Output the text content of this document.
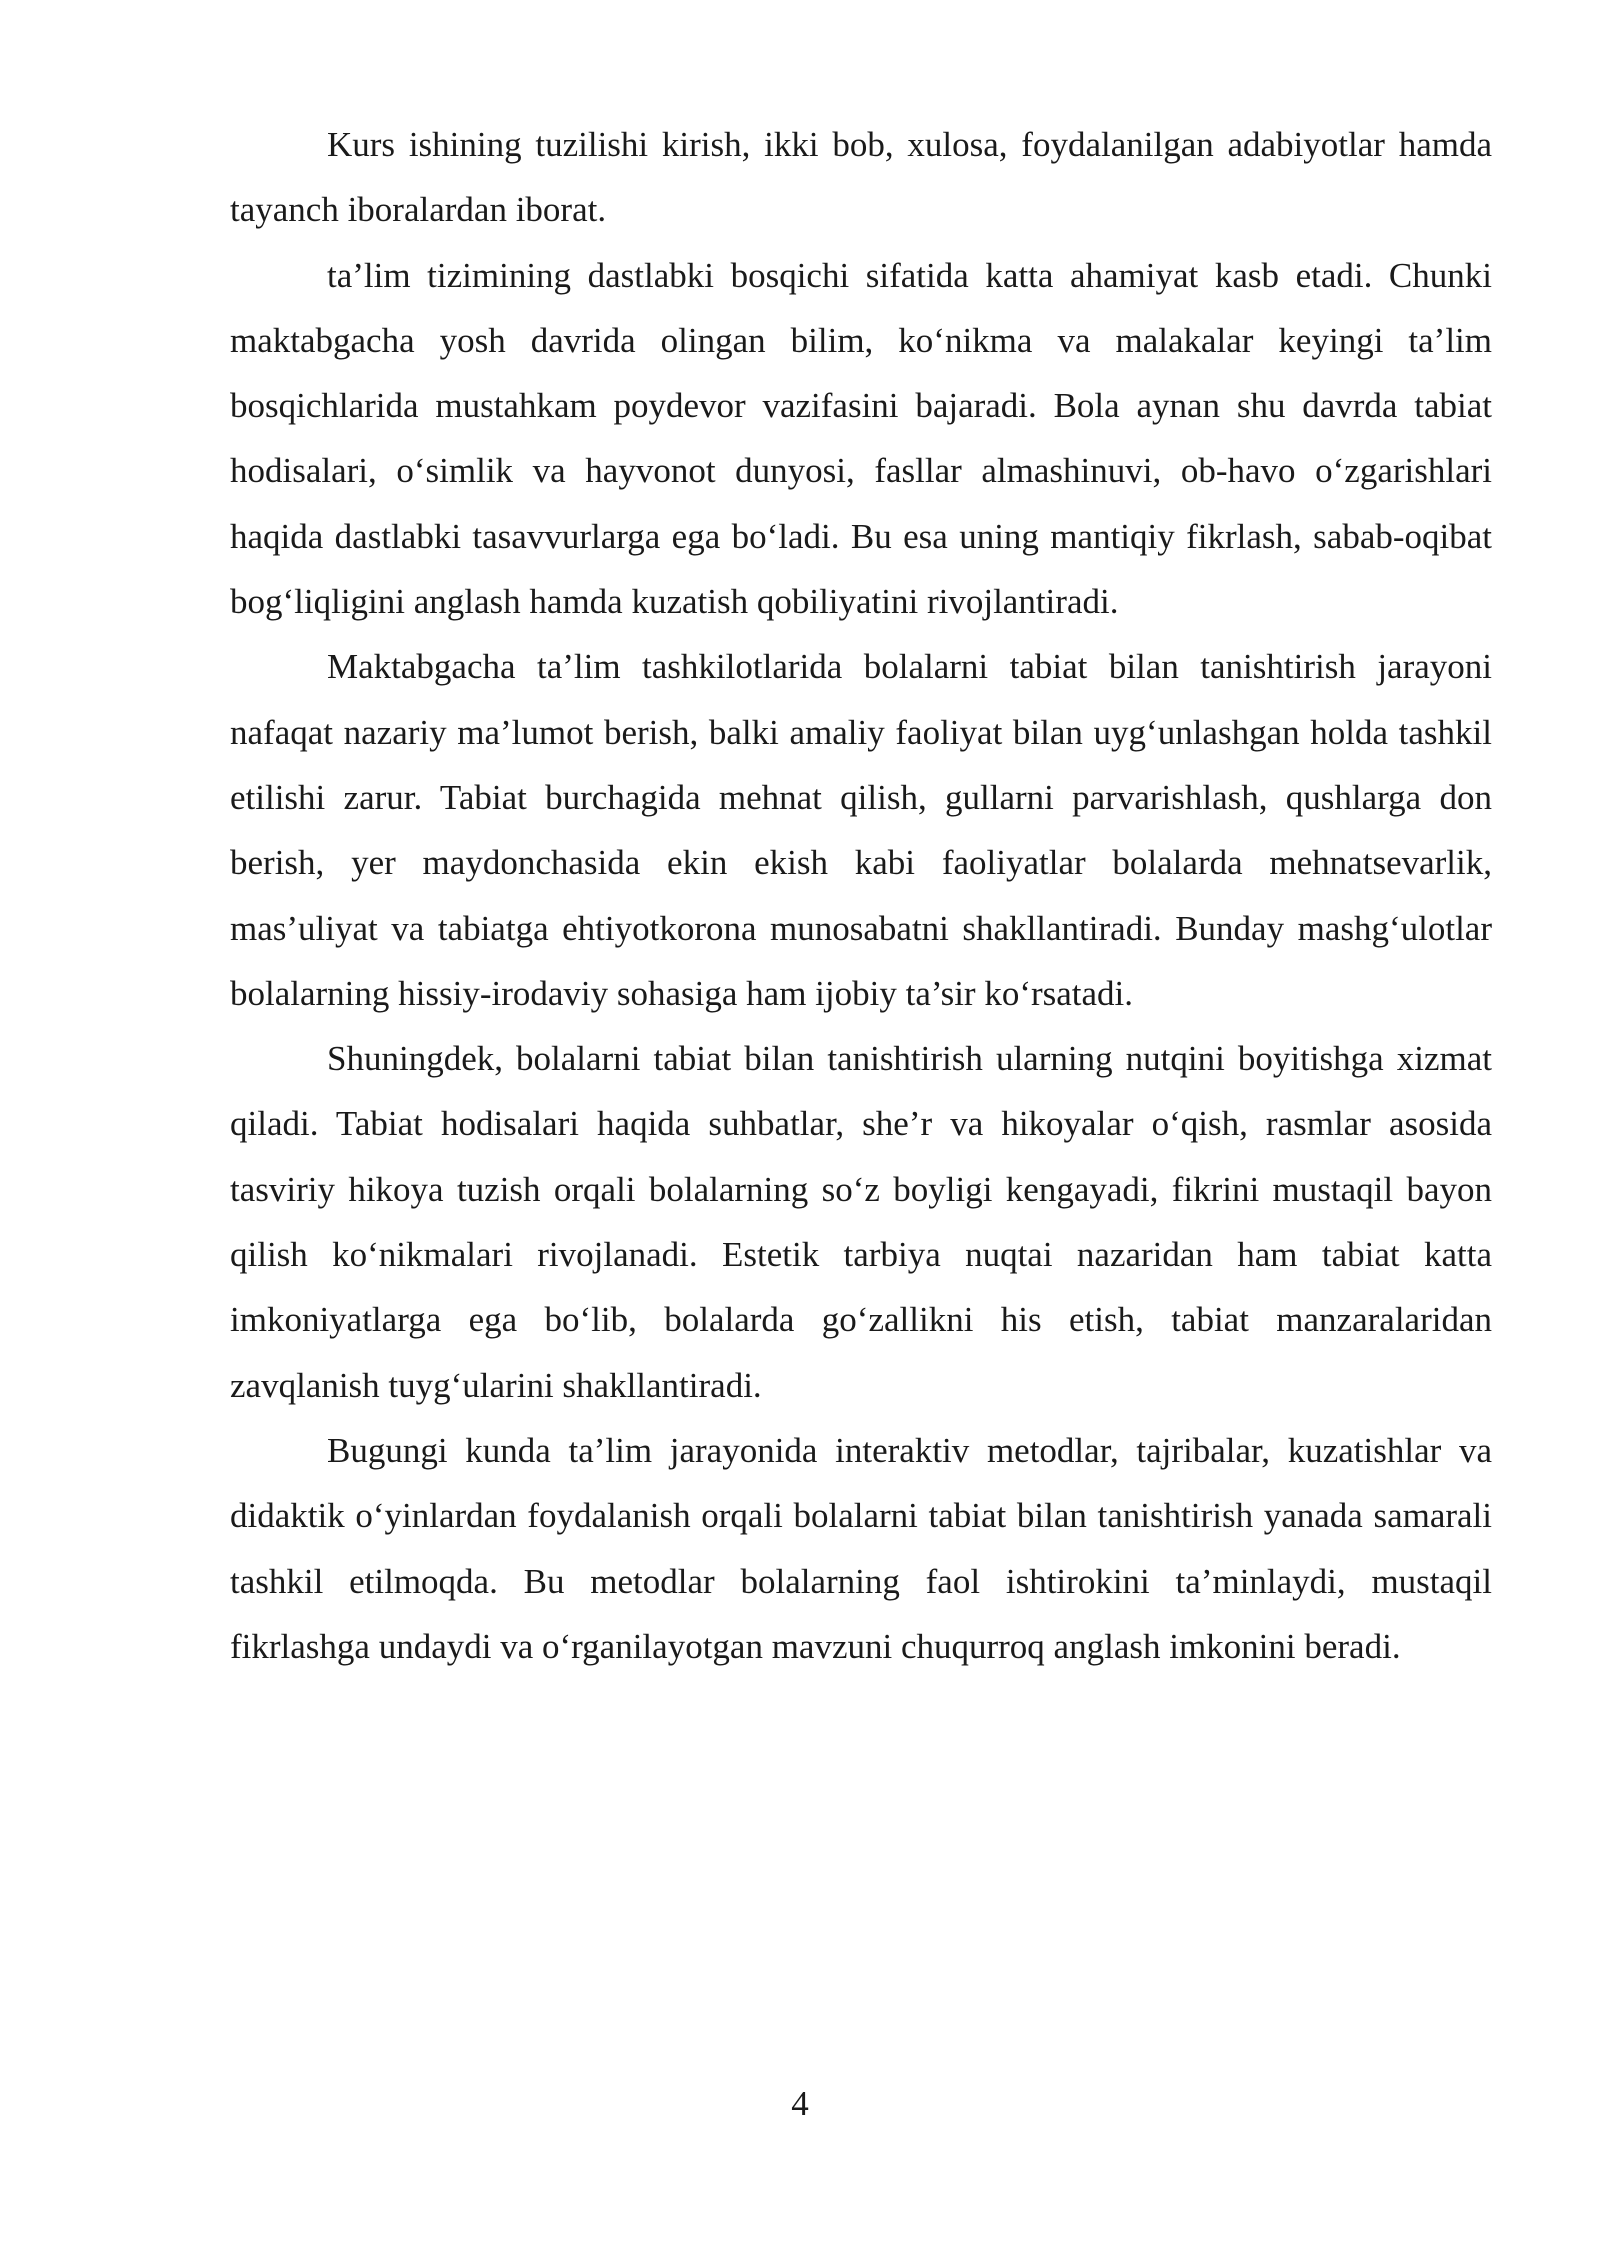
Kurs ishining tuzilishi kirish, ikki bob, xulosa, foydalanilgan adabiyotlar hamda tayanch iboralardan iborat.

ta’lim tizimining dastlabki bosqichi sifatida katta ahamiyat kasb etadi. Chunki maktabgacha yosh davrida olingan bilim, ko‘nikma va malakalar keyingi ta’lim bosqichlarida mustahkam poydevor vazifasini bajaradi. Bola aynan shu davrda tabiat hodisalari, o‘simlik va hayvonot dunyosi, fasllar almashinuvi, ob-havo o‘zgarishlari haqida dastlabki tasavvurlarga ega bo‘ladi. Bu esa uning mantiqiy fikrlash, sabab-oqibat bog‘liqligini anglash hamda kuzatish qobiliyatini rivojlantiradi.

Maktabgacha ta’lim tashkilotlarida bolalarni tabiat bilan tanishtirish jarayoni nafaqat nazariy ma’lumot berish, balki amaliy faoliyat bilan uyg‘unlashgan holda tashkil etilishi zarur. Tabiat burchagida mehnat qilish, gullarni parvarishlash, qushlarga don berish, yer maydonchasida ekin ekish kabi faoliyatlar bolalarda mehnatsevarlik, mas’uliyat va tabiatga ehtiyotkorona munosabatni shakllantiradi. Bunday mashg‘ulotlar bolalarning hissiy-irodaviy sohasiga ham ijobiy ta’sir ko‘rsatadi.

Shuningdek, bolalarni tabiat bilan tanishtirish ularning nutqini boyitishga xizmat qiladi. Tabiat hodisalari haqida suhbatlar, she’r va hikoyalar o‘qish, rasmlar asosida tasviriy hikoya tuzish orqali bolalarning so‘z boyligi kengayadi, fikrini mustaqil bayon qilish ko‘nikmalari rivojlanadi. Estetik tarbiya nuqtai nazaridan ham tabiat katta imkoniyatlarga ega bo‘lib, bolalarda go‘zallikni his etish, tabiat manzaralaridan zavqlanish tuyg‘ularini shakllantiradi.

Bugungi kunda ta’lim jarayonida interaktiv metodlar, tajribalar, kuzatishlar va didaktik o‘yinlardan foydalanish orqali bolalarni tabiat bilan tanishtirish yanada samarali tashkil etilmoqda. Bu metodlar bolalarning faol ishtirokini ta’minlaydi, mustaqil fikrlashga undaydi va o‘rganilayotgan mavzuni chuqurroq anglash imkonini beradi.

4
